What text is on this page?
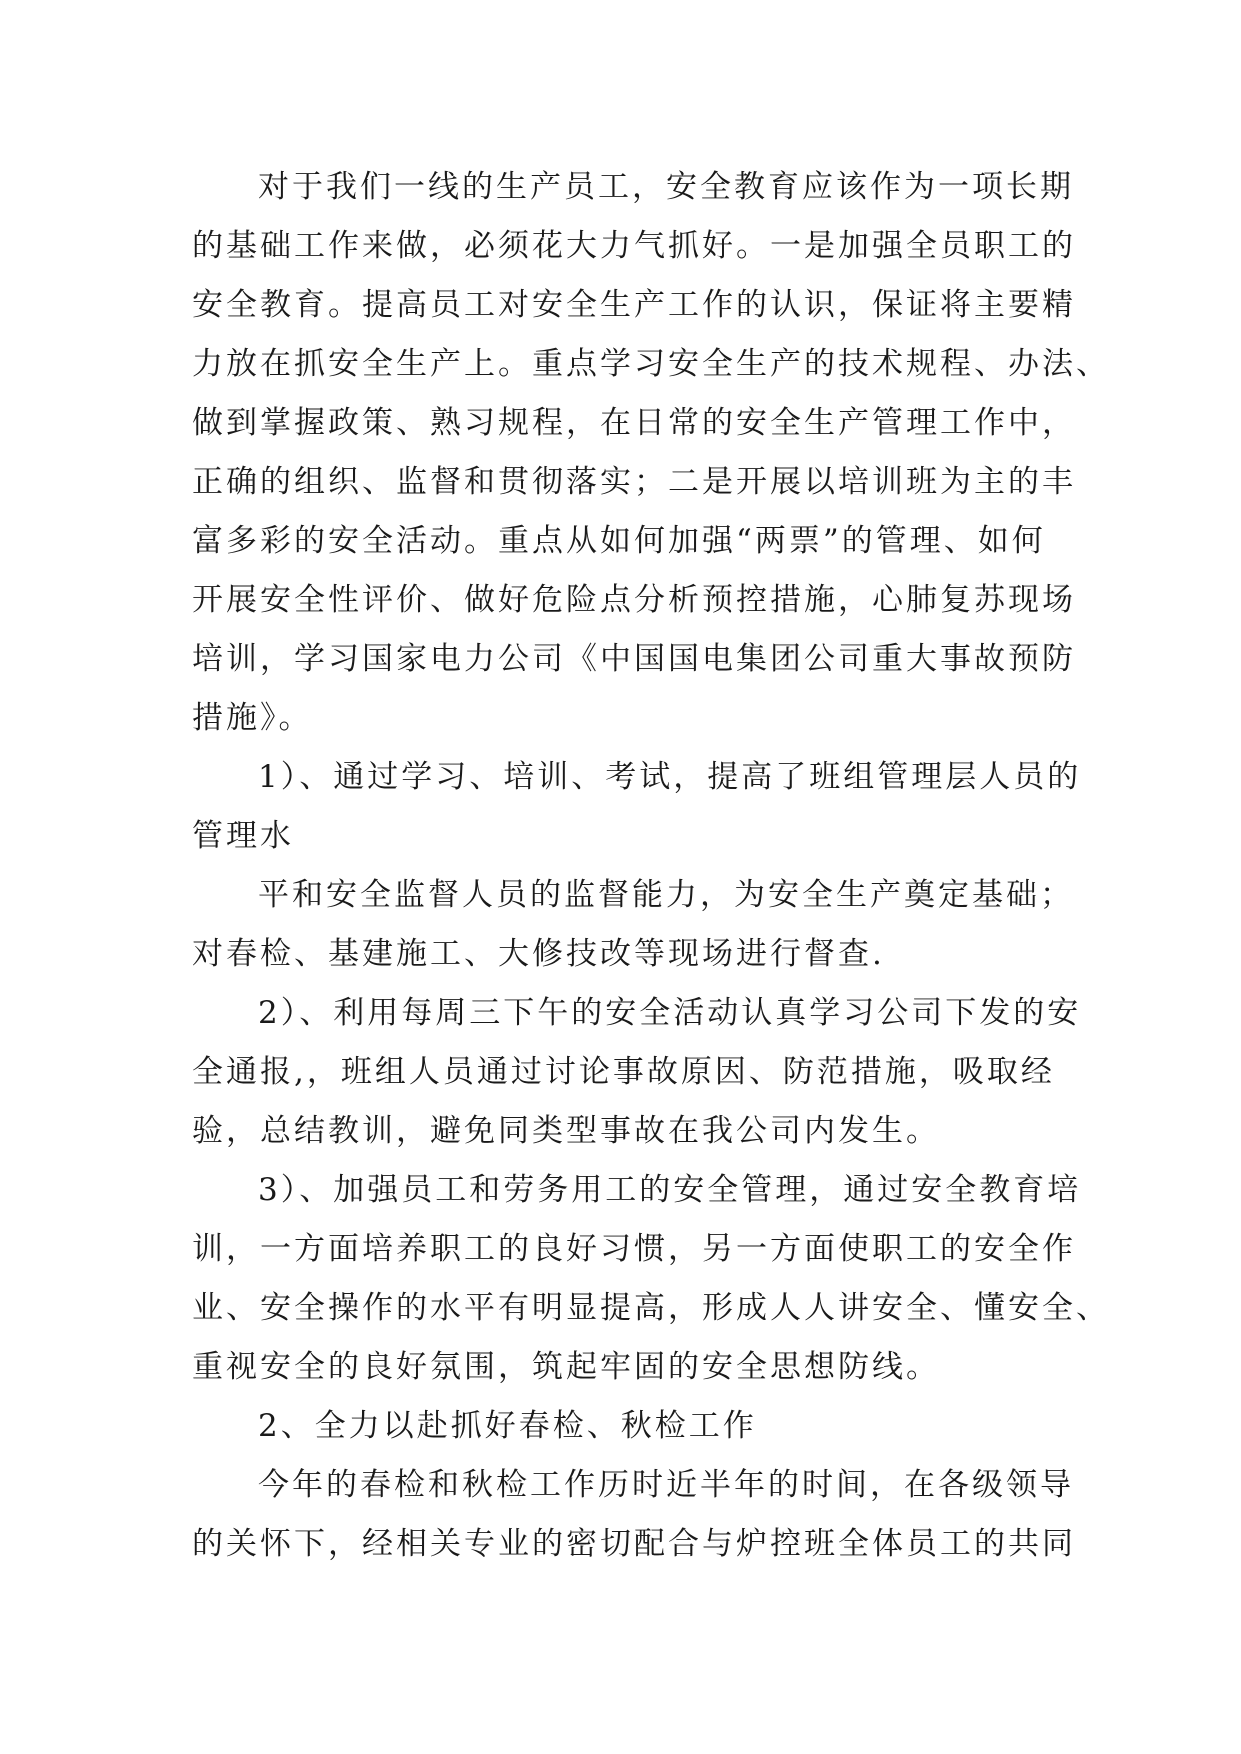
对于我们一线的生产员工，安全教育应该作为一项长期
的基础工作来做，必须花大力气抓好。一是加强全员职工的
安全教育。提高员工对安全生产工作的认识，保证将主要精
力放在抓安全生产上。重点学习安全生产的技术规程、办法、
做到掌握政策、熟习规程，在日常的安全生产管理工作中，
正确的组织、监督和贯彻落实；二是开展以培训班为主的丰
富多彩的安全活动。重点从如何加强“两票”的管理、如何
开展安全性评价、做好危险点分析预控措施，心肺复苏现场
培训，学习国家电力公司《中国国电集团公司重大事故预防
措施》。
1）、通过学习、培训、考试，提高了班组管理层人员的
管理水
平和安全监督人员的监督能力，为安全生产奠定基础；
对春检、基建施工、大修技改等现场进行督查.
2）、利用每周三下午的安全活动认真学习公司下发的安
全通报,，班组人员通过讨论事故原因、防范措施，吸取经
验，总结教训，避免同类型事故在我公司内发生。
3）、加强员工和劳务用工的安全管理，通过安全教育培
训，一方面培养职工的良好习惯，另一方面使职工的安全作
业、安全操作的水平有明显提高，形成人人讲安全、懂安全、
重视安全的良好氛围，筑起牢固的安全思想防线。
2、全力以赴抓好春检、秋检工作
今年的春检和秋检工作历时近半年的时间，在各级领导
的关怀下，经相关专业的密切配合与炉控班全体员工的共同
